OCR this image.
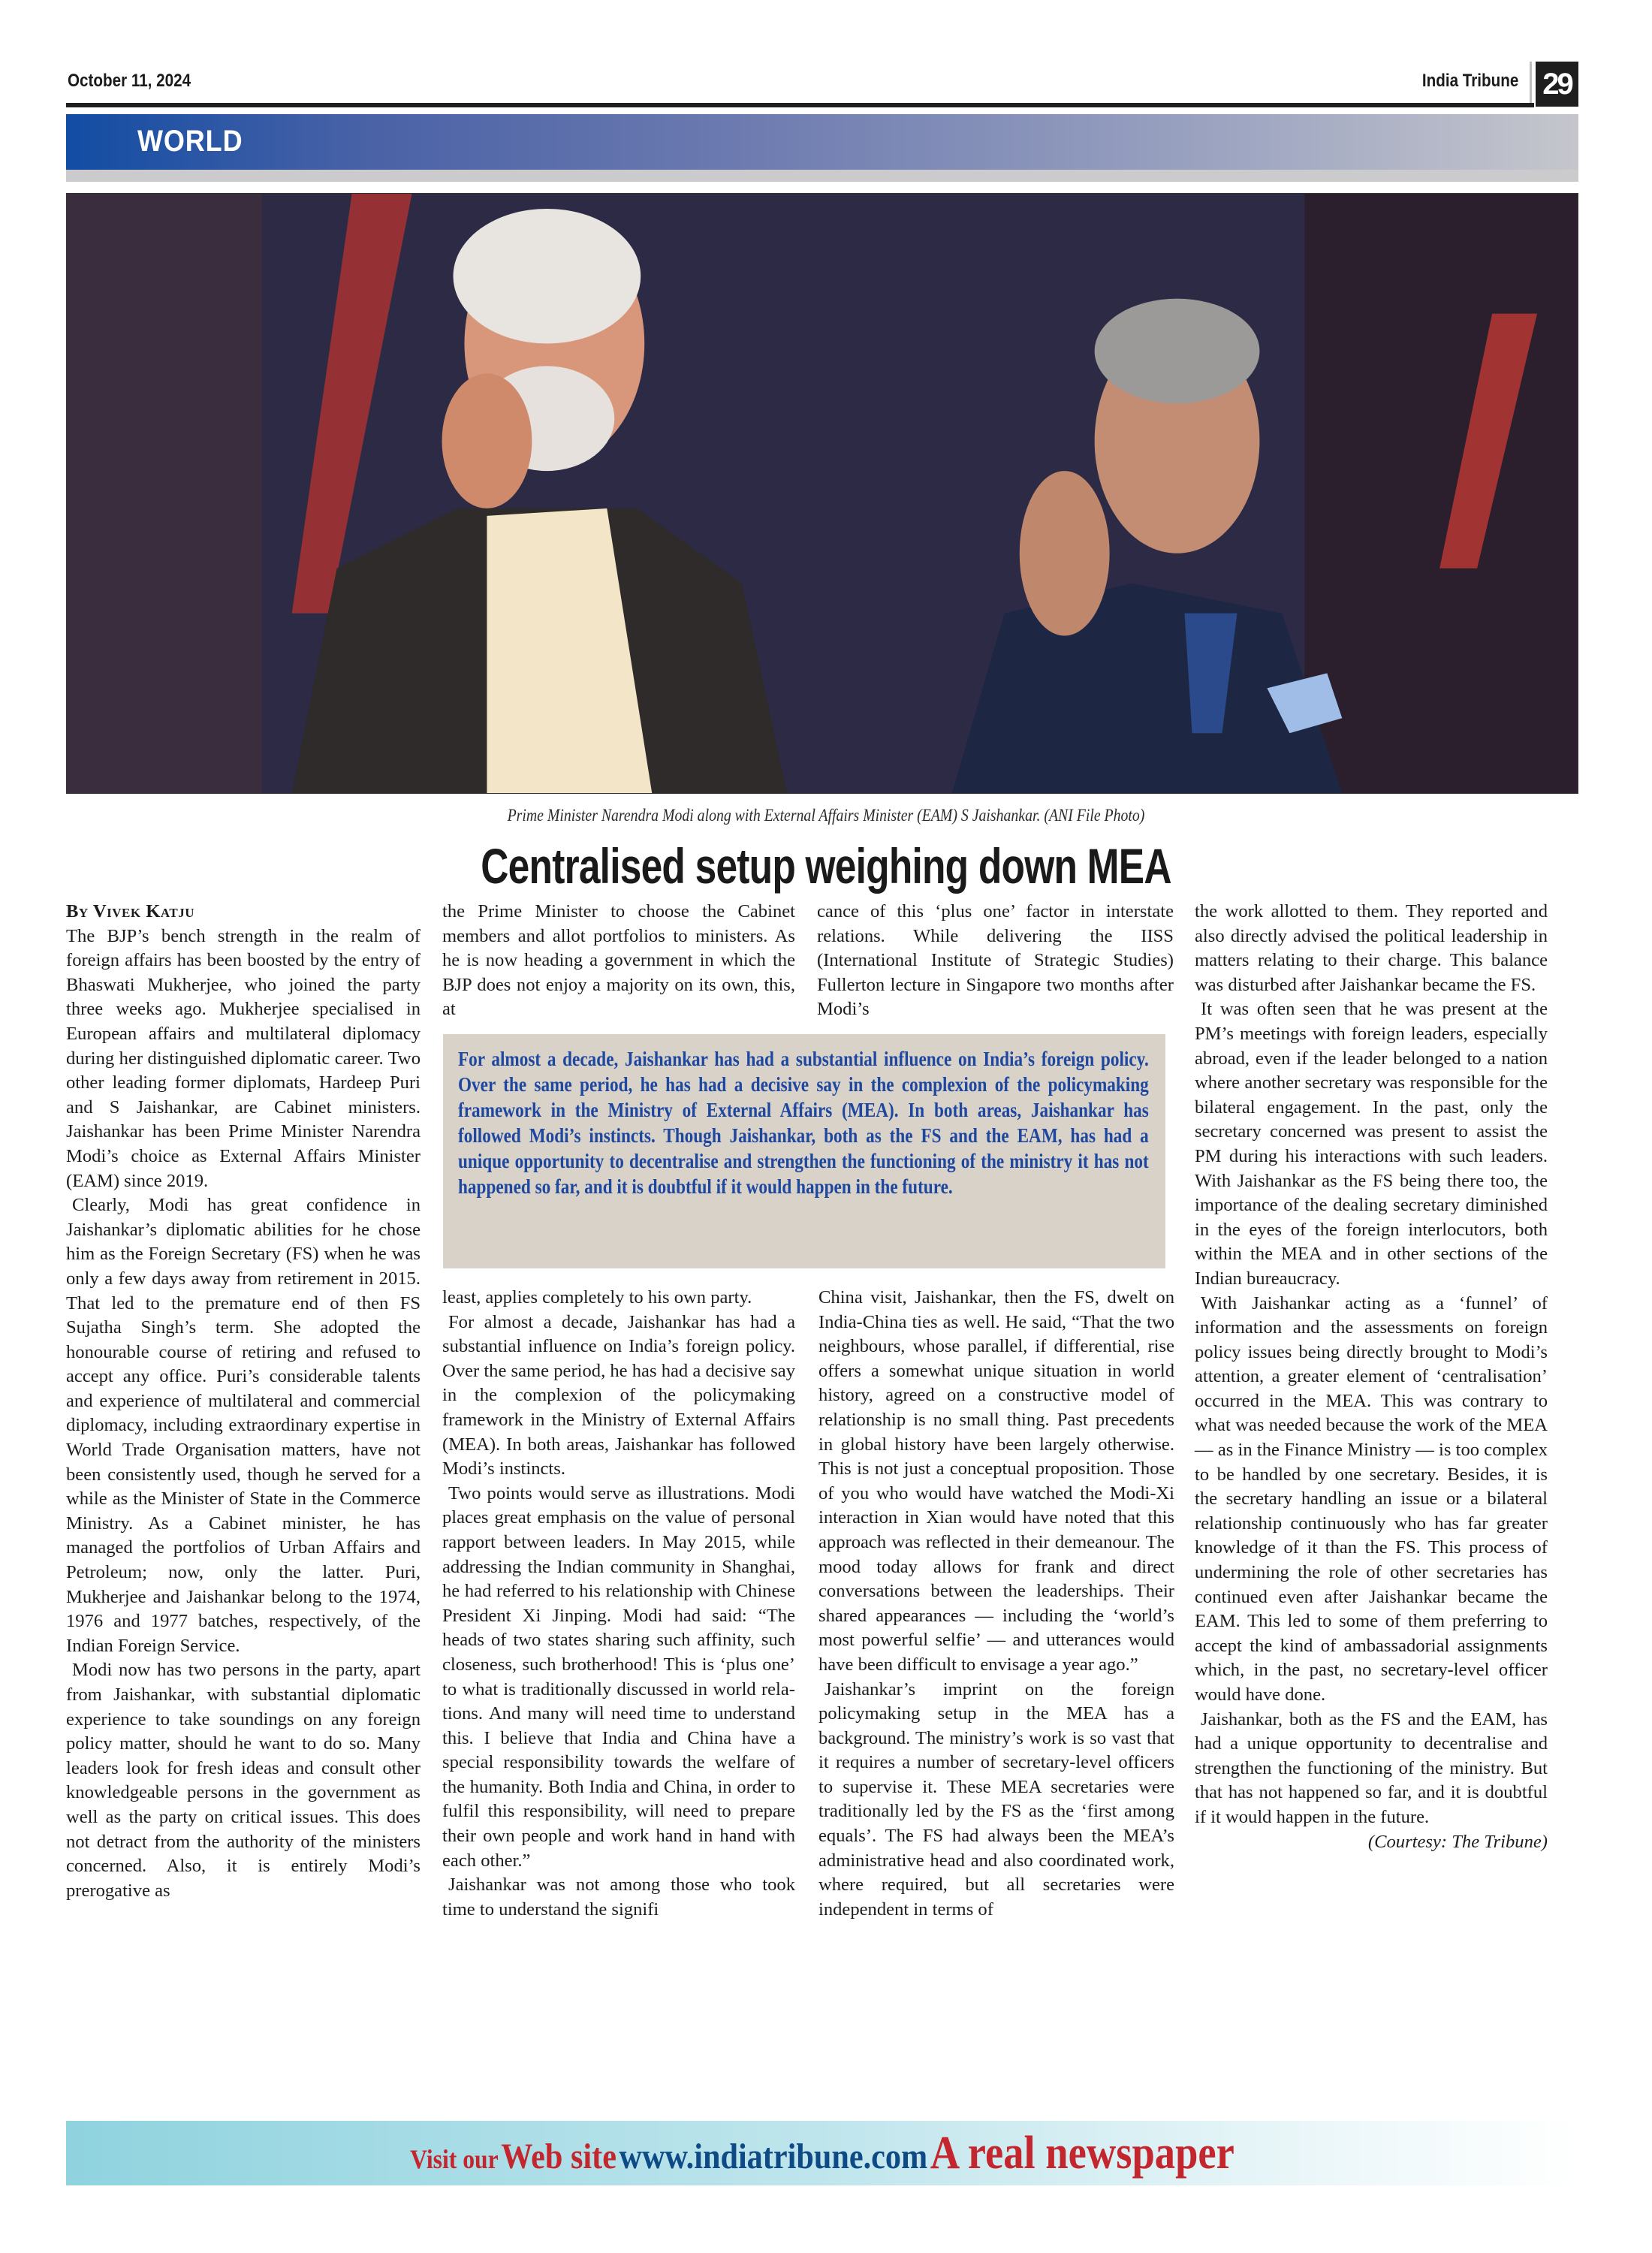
October 11, 2024	India Tribune 29
WORLD
Prime Minister Narendra Modi along with External Affairs Minister (EAM) S Jaishankar. (ANI File Photo)
Centralised setup weighing down MEA

By Vivek Katju

The BJP’s bench strength in the realm of foreign affairs has been boosted by the entry of Bhaswati Mukherjee, who joined the party three weeks ago. Mukherjee specialised in European affairs and multilateral diplomacy during her distinguished diplomatic career. Two other leading former diplomats, Hardeep Puri and S Jaishankar, are Cabinet ministers. Jaishankar has been Prime Minister Narendra Modi’s choice as External Affairs Minister (EAM) since 2019.

Clearly, Modi has great confidence in Jaishankar’s diplomatic abilities for he chose him as the Foreign Secretary (FS) when he was only a few days away from retirement in 2015. That led to the premature end of then FS Sujatha Singh’s term. She adopted the honourable course of retiring and refused to accept any office. Puri’s considerable talents and experience of multilateral and commercial diplomacy, including extraordinary expertise in World Trade Organisation matters, have not been consistently used, though he served for a while as the Minister of State in the Commerce Ministry. As a Cabinet minister, he has managed the portfolios of Urban Affairs and Petroleum; now, only the latter. Puri, Mukherjee and Jaishankar belong to the 1974, 1976 and 1977 batches, respectively, of the Indian Foreign Service.

Modi now has two persons in the party, apart from Jaishankar, with substantial diplomatic experience to take soundings on any foreign policy matter, should he want to do so. Many leaders look for fresh ideas and consult other knowledgeable persons in the government as well as the party on critical issues. This does not detract from the authority of the ministers concerned. Also, it is entirely Modi’s prerogative as

the Prime Minister to choose the Cabinet members and allot portfolios to ministers. As he is now heading a government in which the BJP does not enjoy a majority on its own, this, at

cance of this ‘plus one’ factor in interstate relations. While delivering the IISS (International Institute of Strategic Studies) Fullerton lecture in Singapore two months after Modi’s

For almost a decade, Jaishankar has had a substantial influence on India’s foreign policy. Over the same period, he has had a decisive say in the complexion of the policymaking framework in the Ministry of External Affairs (MEA). In both areas, Jaishankar has followed Modi’s instincts. Though Jaishankar, both as the FS and the EAM, has had a unique opportunity to decentralise and strengthen the functioning of the ministry it has not happened so far, and it is doubtful if it would happen in the future.

least, applies completely to his own party.

For almost a decade, Jaishankar has had a substantial influence on India’s foreign policy. Over the same period, he has had a decisive say in the complexion of the policymaking framework in the Ministry of External Affairs (MEA). In both areas, Jaishankar has followed Modi’s instincts.

Two points would serve as illustrations. Modi places great emphasis on the value of personal rapport between leaders. In May 2015, while addressing the Indian community in Shanghai, he had referred to his relationship with Chinese President Xi Jinping. Modi had said: “The heads of two states sharing such affinity, such closeness, such brotherhood! This is ‘plus one’ to what is traditionally discussed in world relations. And many will need time to understand this. I believe that India and China have a special responsibility towards the welfare of the humanity. Both India and China, in order to fulfil this responsibility, will need to prepare their own people and work hand in hand with each other.”

Jaishankar was not among those who took time to understand the signifi

China visit, Jaishankar, then the FS, dwelt on India-China ties as well. He said, “That the two neighbours, whose parallel, if differential, rise offers a somewhat unique situation in world history, agreed on a constructive model of relationship is no small thing. Past precedents in global history have been largely otherwise. This is not just a conceptual proposition. Those of you who would have watched the Modi-Xi interaction in Xian would have noted that this approach was reflected in their demeanour. The mood today allows for frank and direct conversations between the leaderships. Their shared appearances — including the ‘world’s most powerful selfie’ — and utterances would have been difficult to envisage a year ago.”

Jaishankar’s imprint on the foreign policymaking setup in the MEA has a background. The ministry’s work is so vast that it requires a number of secretary-level officers to supervise it. These MEA secretaries were traditionally led by the FS as the ‘first among equals’. The FS had always been the MEA’s administrative head and also coordinated work, where required, but all secretaries were independent in terms of

the work allotted to them. They reported and also directly advised the political leadership in matters relating to their charge. This balance was disturbed after Jaishankar became the FS.

It was often seen that he was present at the PM’s meetings with foreign leaders, especially abroad, even if the leader belonged to a nation where another secretary was responsible for the bilateral engagement. In the past, only the secretary concerned was present to assist the PM during his interactions with such leaders. With Jaishankar as the FS being there too, the importance of the dealing secretary diminished in the eyes of the foreign interlocutors, both within the MEA and in other sections of the Indian bureaucracy.

With Jaishankar acting as a ‘funnel’ of information and the assessments on foreign policy issues being directly brought to Modi’s attention, a greater element of ‘centralisation’ occurred in the MEA. This was contrary to what was needed because the work of the MEA — as in the Finance Ministry — is too complex to be handled by one secretary. Besides, it is the secretary handling an issue or a bilateral relationship continuously who has far greater knowledge of it than the FS. This process of undermining the role of other secretaries has continued even after Jaishankar became the EAM. This led to some of them preferring to accept the kind of ambassadorial assignments which, in the past, no secretary-level officer would have done.

Jaishankar, both as the FS and the EAM, has had a unique opportunity to decentralise and strengthen the functioning of the ministry. But that has not happened so far, and it is doubtful if it would happen in the future.

(Courtesy: The Tribune)

Visit our Web site www.indiatribune.com A real newspaper
